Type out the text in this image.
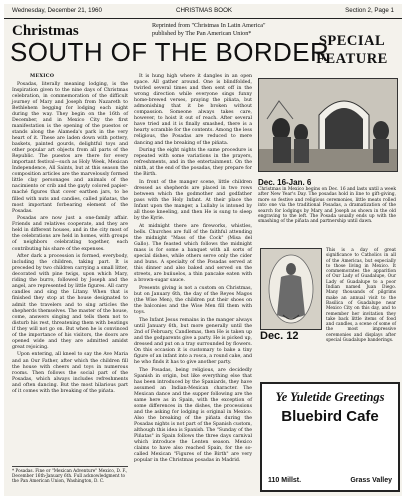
Wednesday, December 21, 1960	CHRISTMAS BOOK	Section 2, Page 1
Christmas	Reprinted from "Christmas In Latin America"
published by The Pan American Union*	SPECIAL
FEATURE
SOUTH OF THE BORDER

MEXICO

Posadas, literally meaning lodging, is the Inspiration given to the nine days of Christmas celebration, in commemoration of the difficult journey of Mary and Joseph from Nazareth to Bethlehem begging for lodging each night during the way. They begin on the 16th of December, and in Mexico City the first manifestation is the opening of the puestos or stands along the Alameda's park in the very heart of it. These are laden down with pottery, baskets, painted gourds, delightful toys and other popular art objects from all parts of the Republic. The puestos are there for every important festival—such as Holy Week, Mexican Independence, All Saints, but at this season the composition articles are the marvelously formed little clay personages and animals of the nacimiento or crib and the gayly colored papier-maché figures that cover earthen jars, to be filled with nuts and candies, called piñatas, the most important forbearing element of the Posadas.

Posadas are now just a one-family affair. Friends and relatives cooperate, and they are held in different houses, and in the city most of the celebrations are held in homes, with groups of neighbors celebrating together, each contributing his share of the expenses.

After dark a procession is formed, everybody, including the children, taking part. It is preceded by two children carrying a small litter, decorated with pine twigs, upon which Mary, riding the burro, followed by Joseph and the angel, are represented by little figures. All carry candles and sing the Litany. When that is finished they stop at the house designated to admit the travelers and to sing articles the shepherds themselves. The master of the house, come, answers singing and tells them not to disturb his rest, threatening them with beatings if they will not go on. But when he is convinced of the importance of his visitors, the doors are opened wide and they are admitted amidst great rejoicing.

Upon entering, all kneel to say the Ave Maria and an Our Father, after which the children fill the house with cheers and toys in numerous rooms. Then follows the social part of the Posadas, which always includes refreshments and often dancing. But the most hilarious part of it comes with the breaking of the piñata.

* Posadas. Fine or "Mexican Adventure" Mexico, D. F., December 16th-January 6th. Full acknowledgment to the Pan American Union, Washington, D. C.

It is hung high where it dangles in an open space. All gather around. One is blindfolded, twirled several times and then sent off in the wrong direction while everyone sings funny home-brewed verses, praying the piñata, but admonishing that it be broken without compassion. Someone always takes care, however, to hoist it out of reach. After several have tried and it is finally smashed, there is a hearty scramble for the contents. Among the less religious, the Posadas are reduced to mere dancing and the breaking of the piñata.

During the eight nights the same procedure is repeated with some variations in the prayers, refreshments, and in the entertainment. On the ninth, at the end of the posadas, they prepare for the Birth.

In front of the manger scene, little children dressed as shepherds are placed in two rows between which the godmother and godfather pass with the Holy Infant. At their place the Infant upon the manger, a Lullaby is intoned by all those kneeling, and then He is sung to sleep by the Kyrie.

At midnight there are fireworks, whistles, bells. Churches are full of the faithful attending the midnight "Mass of the Cock" (Misa del Gallo). The feasted which follows the midnight mass is for some a banquet with all sorts of special dishes, while others serve only the cider and buns. A specialty of the Posadas served at this dinner and also baked and served on the streets, are buñuelos, a thin pancake eaten with a brown-sugar sauce.

Presents giving is not a custom on Christmas, but on January 6th, the day of the Reyes Magos (the Wise Men), the children put their shoes on the balconies and the Wise Men fill them with toys.

The Infant Jesus remains in the manger always until January 6th, but more generally until the 2nd of February, Candlemas, then He is taken up and the godparents give a party. He is picked up, dressed and put on a tray surrounded by flowers. On this occasion it is customary to bake a tiny figure of an infant into a rosca, a round cake, and he who finds it has to give another party.

The Posadas, being religious, are decidedly Spanish in origin, but like everything else that has been introduced by the Spaniards, they have assumed an Indian-Mexican character. The Mexican dance and the supper following are the same here as in Spain, with the exception of some differences in the dishes, the processions and the asking for lodging is original in Mexico. Also the breaking of the piñata during the Posadas nights is not part of the Spanish custom, although this idea is Spanish. The "Sunday of the Piñatas" in Spain follows the three days carnival which introduce the Lenten season. Mexico claims to have also reached Spain, for the so-called Mexican "Figures of the Birth" are very popular in the Christmas posadas in Madrid.

Dec. 16-Jan. 6
Christmas in Mexico begins on Dec. 16 and lasts until a week after New Year's Day. The posadas hold in line to gift-giving, more so festive and religious ceremonies, little meats rolled into one via the traditional Posadas, a dramatization of the search for lodgings by Mary and Joseph as shown in the old engraving to the left. The Posada usually ends up with the smashing of the piñata and partnership until dawn.
Dec. 12
This is a day of great significance to Catholics in all of the Americas, but especially to those living in Mexico. It commemorates the apparition of Our Lady of Guadalupe, Our Lady of Guadalupe to a poor Indian named Juan Diego. Many thousands of pilgrims make an annual visit to the Basilica of Guadalupe near Mexico City on this day, and to remember her invitation they take back little items of food and candles, a scene of some of the most impressive ceremonies and displays after special Guadalupe banderings.
Ye Yuletide Greetings
Bluebird Cafe
110 Millst.	Grass Valley
